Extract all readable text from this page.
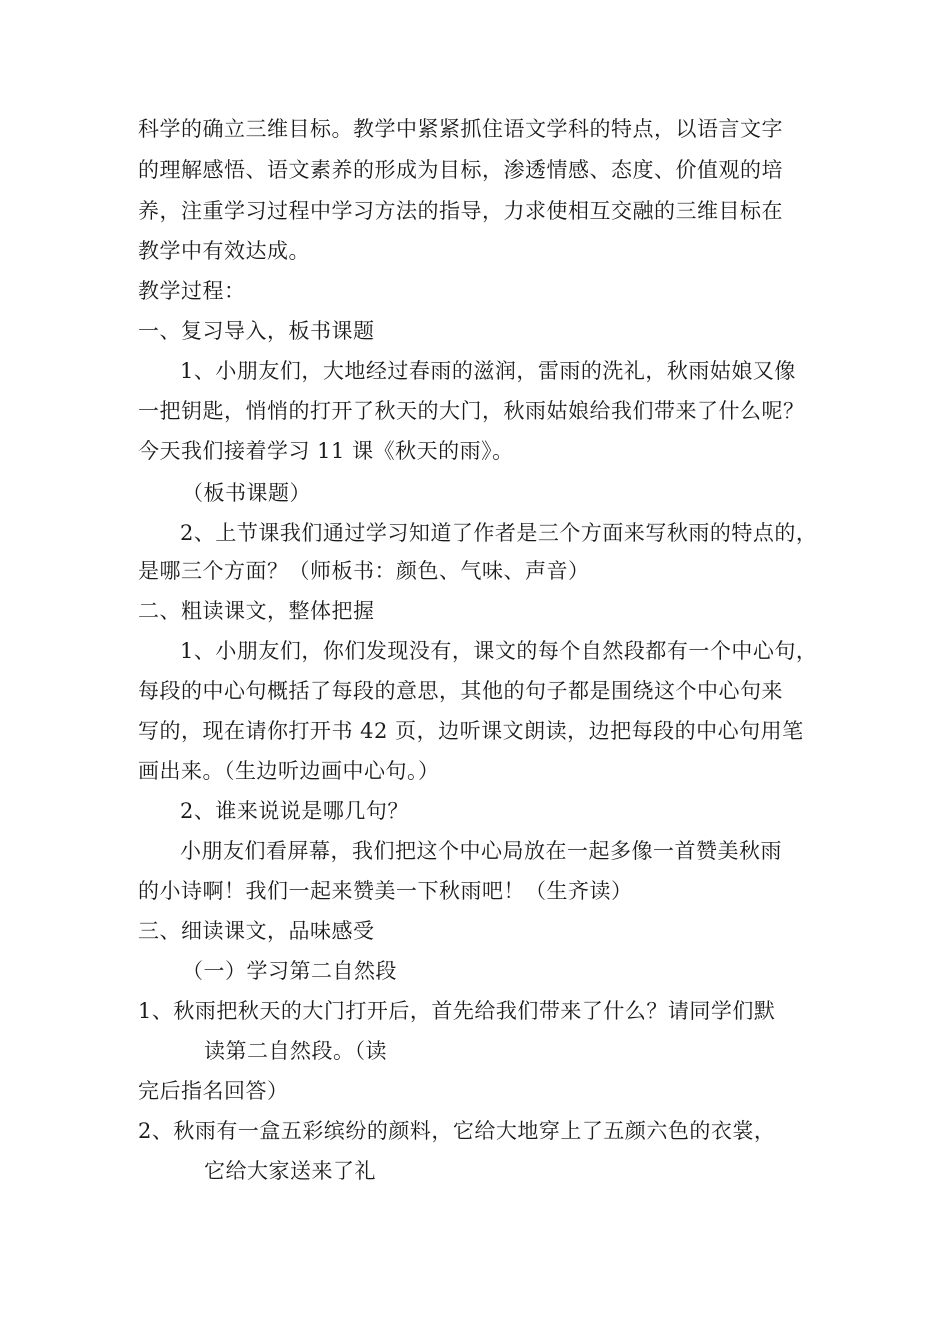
科学的确立三维目标。教学中紧紧抓住语文学科的特点，以语言文字
的理解感悟、语文素养的形成为目标，渗透情感、态度、价值观的培
养，注重学习过程中学习方法的指导，力求使相互交融的三维目标在
教学中有效达成。
教学过程：
一、复习导入，板书课题
1、小朋友们，大地经过春雨的滋润，雷雨的洗礼，秋雨姑娘又像
一把钥匙，悄悄的打开了秋天的大门，秋雨姑娘给我们带来了什么呢？
今天我们接着学习 11 课《秋天的雨》。
（板书课题）
2、上节课我们通过学习知道了作者是三个方面来写秋雨的特点的，
是哪三个方面？（师板书：颜色、气味、声音）
二、粗读课文，整体把握
1、小朋友们，你们发现没有，课文的每个自然段都有一个中心句，
每段的中心句概括了每段的意思，其他的句子都是围绕这个中心句来
写的，现在请你打开书 42 页，边听课文朗读，边把每段的中心句用笔
画出来。（生边听边画中心句。）
2、谁来说说是哪几句？
小朋友们看屏幕，我们把这个中心局放在一起多像一首赞美秋雨
的小诗啊！我们一起来赞美一下秋雨吧！（生齐读）
三、细读课文，品味感受
（一）学习第二自然段
1、秋雨把秋天的大门打开后，首先给我们带来了什么？请同学们默
读第二自然段。（读
完后指名回答）
2、秋雨有一盒五彩缤纷的颜料，它给大地穿上了五颜六色的衣裳，
它给大家送来了礼
